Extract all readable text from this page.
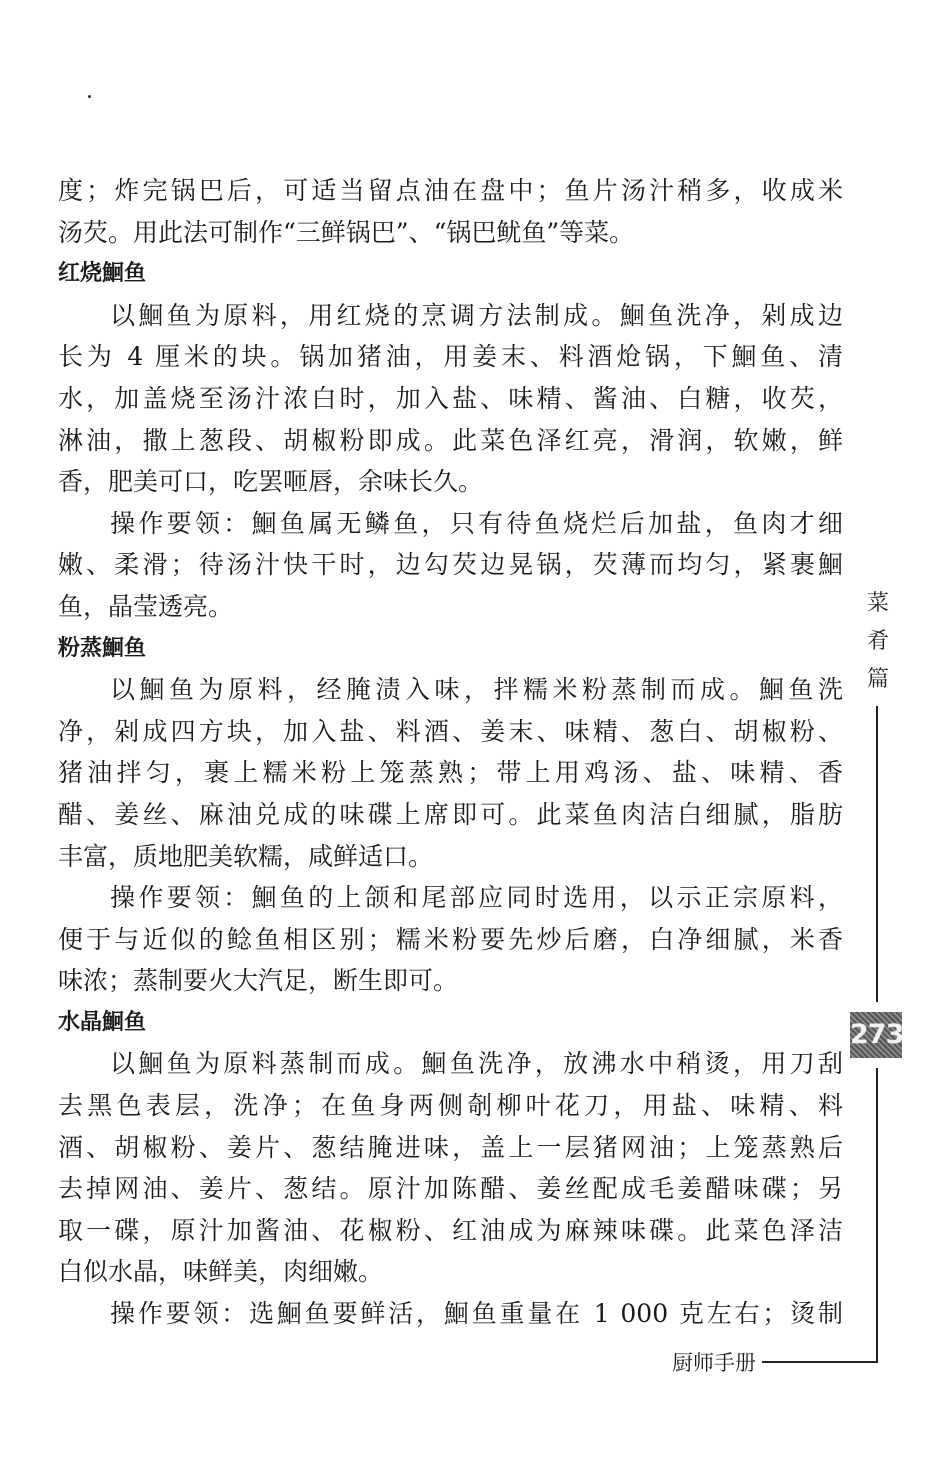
度；炸完锅巴后，可适当留点油在盘中；鱼片汤汁稍多，收成米
汤芡。用此法可制作“三鲜锅巴”、“锅巴鱿鱼”等菜。
红烧鮰鱼
以鮰鱼为原料，用红烧的烹调方法制成。鮰鱼洗净，剁成边
长为 4 厘米的块。锅加猪油，用姜末、料酒炝锅，下鮰鱼、清
水，加盖烧至汤汁浓白时，加入盐、味精、酱油、白糖，收芡，
淋油，撒上葱段、胡椒粉即成。此菜色泽红亮，滑润，软嫩，鲜
香，肥美可口，吃罢咂唇，余味长久。
操作要领：鮰鱼属无鳞鱼，只有待鱼烧烂后加盐，鱼肉才细
嫩、柔滑；待汤汁快干时，边勾芡边晃锅，芡薄而均匀，紧裹鮰
鱼，晶莹透亮。
粉蒸鮰鱼
以鮰鱼为原料，经腌渍入味，拌糯米粉蒸制而成。鮰鱼洗
净，剁成四方块，加入盐、料酒、姜末、味精、葱白、胡椒粉、
猪油拌匀，裹上糯米粉上笼蒸熟；带上用鸡汤、盐、味精、香
醋、姜丝、麻油兑成的味碟上席即可。此菜鱼肉洁白细腻，脂肪
丰富，质地肥美软糯，咸鲜适口。
操作要领：鮰鱼的上颌和尾部应同时选用，以示正宗原料，
便于与近似的鲶鱼相区别；糯米粉要先炒后磨，白净细腻，米香
味浓；蒸制要火大汽足，断生即可。
水晶鮰鱼
以鮰鱼为原料蒸制而成。鮰鱼洗净，放沸水中稍烫，用刀刮
去黑色表层，洗净；在鱼身两侧剞柳叶花刀，用盐、味精、料
酒、胡椒粉、姜片、葱结腌进味，盖上一层猪网油；上笼蒸熟后
去掉网油、姜片、葱结。原汁加陈醋、姜丝配成毛姜醋味碟；另
取一碟，原汁加酱油、花椒粉、红油成为麻辣味碟。此菜色泽洁
白似水晶，味鲜美，肉细嫩。
操作要领：选鮰鱼要鲜活，鮰鱼重量在 1 000 克左右；烫制
菜
肴
篇
273
厨师手册
